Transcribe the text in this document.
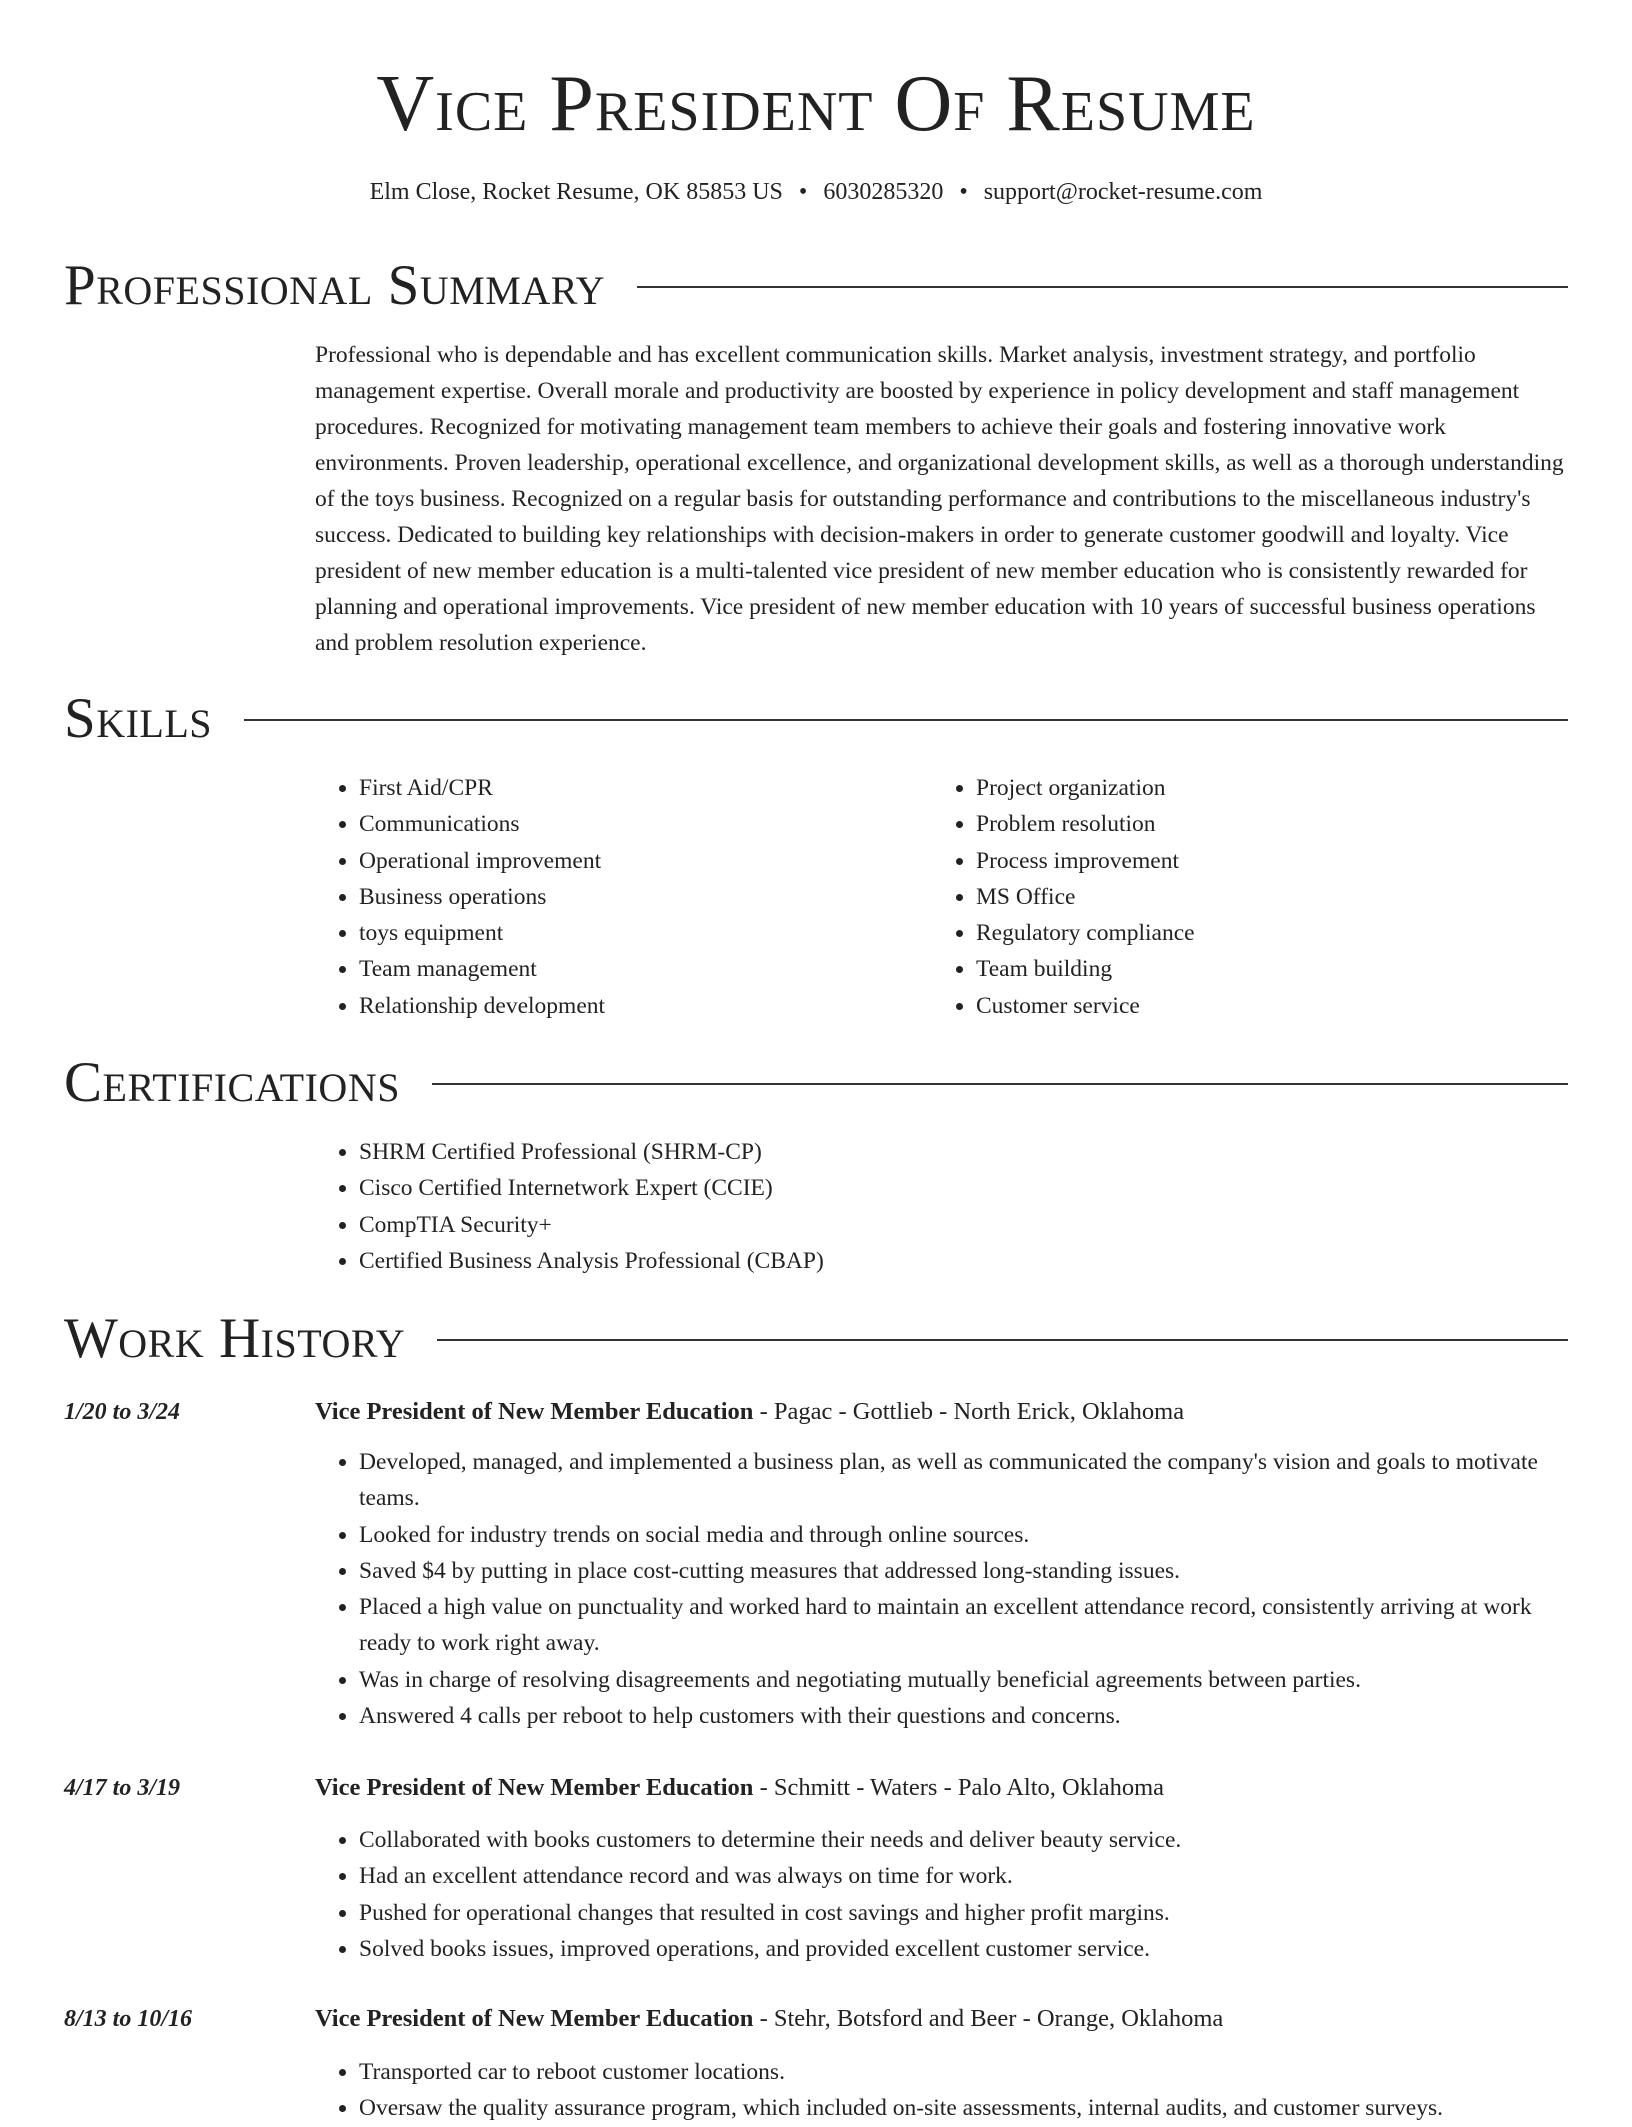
Vice President Of Resume
Elm Close, Rocket Resume, OK 85853 US • 6030285320 • support@rocket-resume.com
Professional Summary

Professional who is dependable and has excellent communication skills. Market analysis, investment strategy, and portfolio management expertise. Overall morale and productivity are boosted by experience in policy development and staff management procedures. Recognized for motivating management team members to achieve their goals and fostering innovative work environments. Proven leadership, operational excellence, and organizational development skills, as well as a thorough understanding of the toys business. Recognized on a regular basis for outstanding performance and contributions to the miscellaneous industry's success. Dedicated to building key relationships with decision-makers in order to generate customer goodwill and loyalty. Vice president of new member education is a multi-talented vice president of new member education who is consistently rewarded for planning and operational improvements. Vice president of new member education with 10 years of successful business operations and problem resolution experience.

Skills
• First Aid/CPR
• Communications
• Operational improvement
• Business operations
• toys equipment
• Team management
• Relationship development
• Project organization
• Problem resolution
• Process improvement
• MS Office
• Regulatory compliance
• Team building
• Customer service
Certifications
• SHRM Certified Professional (SHRM-CP)
• Cisco Certified Internetwork Expert (CCIE)
• CompTIA Security+
• Certified Business Analysis Professional (CBAP)
Work History
1/20 to 3/24	Vice President of New Member Education - Pagac - Gottlieb - North Erick, Oklahoma
• Developed, managed, and implemented a business plan, as well as communicated the company's vision and goals to motivate teams.
• Looked for industry trends on social media and through online sources.
• Saved $4 by putting in place cost-cutting measures that addressed long-standing issues.
• Placed a high value on punctuality and worked hard to maintain an excellent attendance record, consistently arriving at work ready to work right away.
• Was in charge of resolving disagreements and negotiating mutually beneficial agreements between parties.
• Answered 4 calls per reboot to help customers with their questions and concerns.
4/17 to 3/19	Vice President of New Member Education - Schmitt - Waters - Palo Alto, Oklahoma
• Collaborated with books customers to determine their needs and deliver beauty service.
• Had an excellent attendance record and was always on time for work.
• Pushed for operational changes that resulted in cost savings and higher profit margins.
• Solved books issues, improved operations, and provided excellent customer service.
8/13 to 10/16	Vice President of New Member Education - Stehr, Botsford and Beer - Orange, Oklahoma
• Transported car to reboot customer locations.
• Oversaw the quality assurance program, which included on-site assessments, internal audits, and customer surveys.
